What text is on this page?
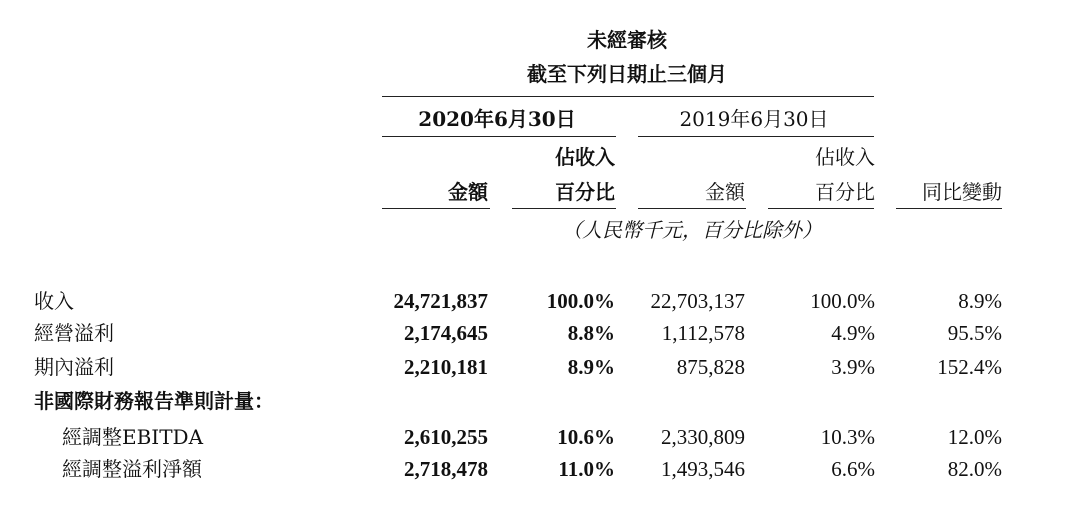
未經審核
截至下列日期止三個月
2020年6月30日	2019年6月30日
佔收入	佔收入
金額	百分比	金額	百分比 同比變動
（人民幣千元，百分比除外）
收入	24,721,837	100.0% 22,703,137	100.0%	8.9%
經營溢利	2,174,645	8.8% 1,112,578	4.9%	95.5%
期內溢利	2,210,181	8.9%	875,828	3.9%	152.4%
非國際財務報告準則計量：
經調整EBITDA	2,610,255	10.6% 2,330,809	10.3%	12.0%
經調整溢利淨額	2,718,478	11.0% 1,493,546	6.6%	82.0%
